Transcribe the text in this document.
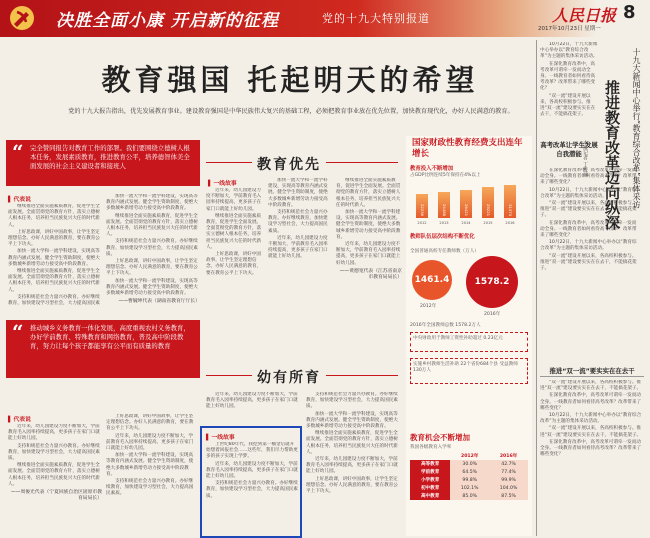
决胜全面小康 开启新的征程	党的十九大特别报道	人民日报 8
2017年10月23日 星期一
教育强国 托起明天的希望
党的十九大报告指出，优先发展教育事业。建设教育强国是中华民族伟大复兴的基础工程，必须把教育事业放在优先位置，加快教育现代化，办好人民满意的教育。
“ 完全赞同报告对教育工作的部署。我们要围绕立德树人根本任务，发展素质教育，推进教育公平，培养德智体美全面发展的社会主义建设者和接班人
▌ 代表说

继续推进全面实施素质教育，促进学生全面发展。全面贯彻党的教育方针，落实立德树人根本任务，培养担当民族复兴大任的时代新人。

上好思政课，讲好中国故事，让学生坚定理想信念。办好人民满意的教育，要在教育公平上下功夫。

加快一流大学和一流学科建设，实现高等教育内涵式发展。健全学生资助制度，使绝大多数城乡新增劳动力接受高中阶段教育。

继续推进全面实施素质教育，促进学生全面发展。全面贯彻党的教育方针，落实立德树人根本任务，培养担当民族复兴大任的时代新人。

支持和规范社会力量兴办教育。办好继续教育，加快建设学习型社会，大力提高国民素

加快一流大学和一流学科建设，实现高等教育内涵式发展。健全学生资助制度，使绝大多数城乡新增劳动力接受高中阶段教育。

继续推进全面实施素质教育，促进学生全面发展。全面贯彻党的教育方针，落实立德树人根本任务，培养担当民族复兴大任的时代新人。

支持和规范社会力量兴办教育。办好继续教育，加快建设学习型社会，大力提高国民素质。

上好思政课，讲好中国故事，让学生坚定理想信念。办好人民满意的教育，要在教育公平上下功夫。

加快一流大学和一流学科建设，实现高等教育内涵式发展。健全学生资助制度，使绝大多数城乡新增劳动力接受高中阶段教育。

——曹毓坤代表（湖南省教育厅厅长）
教育优先
▌ 一线故事

近年来，幼儿园建设力度不断加大，学前教育毛入园率持续提高，更多孩子在家门口就能上好幼儿园。

继续推进全面实施素质教育，促进学生全面发展。全面贯彻党的教育方针，落实立德树人根本任务，培养担当民族复兴大任的时代新人。

上好思政课，讲好中国故事，让学生坚定理想信念。办好人民满意的教育，要在教育公平上下功夫。

加快一流大学和一流学科建设，实现高等教育内涵式发展。健全学生资助制度，使绝大多数城乡新增劳动力接受高中阶段教育。

支持和规范社会力量兴办教育。办好继续教育，加快建设学习型社会，大力提高国民素质。

近年来，幼儿园建设力度不断加大，学前教育毛入园率持续提高，更多孩子在家门口就能上好幼儿园。

继续推进全面实施素质教育，促进学生全面发展。全面贯彻党的教育方针，落实立德树人根本任务，培养担当民族复兴大任的时代新人。

加快一流大学和一流学科建设，实现高等教育内涵式发展。健全学生资助制度，使绝大多数城乡新增劳动力接受高中阶段教育。

近年来，幼儿园建设力度不断加大，学前教育毛入园率持续提高，更多孩子在家门口就能上好幼儿园。

——黄德宽代表（江苏省南京市教育局局长）
“ 推动城乡义务教育一体化发展，高度重视农村义务教育，办好学前教育、特殊教育和网络教育，普及高中阶段教育，努力让每个孩子都能享有公平而有质量的教育
▌ 代表说

近年来，幼儿园建设力度不断加大，学前教育毛入园率持续提高，更多孩子在家门口就能上好幼儿园。

支持和规范社会力量兴办教育。办好继续教育，加快建设学习型社会，大力提高国民素质。

继续推进全面实施素质教育，促进学生全面发展。全面贯彻党的教育方针，落实立德树人根本任务，培养担当民族复兴大任的时代新人。

——周俊光代表（宁夏回族自治区固原市教育局局长）

上好思政课，讲好中国故事，让学生坚定理想信念。办好人民满意的教育，要在教育公平上下功夫。

近年来，幼儿园建设力度不断加大，学前教育毛入园率持续提高，更多孩子在家门口就能上好幼儿园。

加快一流大学和一流学科建设，实现高等教育内涵式发展。健全学生资助制度，使绝大多数城乡新增劳动力接受高中阶段教育。

支持和规范社会力量兴办教育。办好继续教育，加快建设学习型社会，大力提高国民素质。

幼有所育

近年来，幼儿园建设力度不断加大，学前教育毛入园率持续提高，更多孩子在家门口就能上好幼儿园。

▌ 一线故事

上世纪80年代，我挖到第一桶金后就开始想着回报社会……这些年，我们尽力帮助更多的孩子实现上学梦。

近年来，幼儿园建设力度不断加大，学前教育毛入园率持续提高，更多孩子在家门口就能上好幼儿园。

支持和规范社会力量兴办教育。办好继续教育，加快建设学习型社会，大力提高国民素质。

支持和规范社会力量兴办教育。办好继续教育，加快建设学习型社会，大力提高国民素质。

加快一流大学和一流学科建设，实现高等教育内涵式发展。健全学生资助制度，使绝大多数城乡新增劳动力接受高中阶段教育。

继续推进全面实施素质教育，促进学生全面发展。全面贯彻党的教育方针，落实立德树人根本任务，培养担当民族复兴大任的时代新人。

近年来，幼儿园建设力度不断加大，学前教育毛入园率持续提高，更多孩子在家门口就能上好幼儿园。

上好思政课，讲好中国故事，让学生坚定理想信念。办好人民满意的教育，要在教育公平上下功夫。

国家财政性教育经费支出连年增长
教育投入不断增加
占GDP比例连续5年保持在4%以上
22236
2012
24488
2013
26421
2014
29221
2015
31373
2016
教师队伍层次结构不断优化
全国普通高校专任教师数（万人）
1461.4	1578.2
2012年
2016年
2016年全国教师总数 1578.2万人
中央财政用于教师工资性补助超过 0.23亿元
实施乡村教师生活补助 22个省份684个县 受益教师 130万人
教育机会不断增加
我国各级教育入学率
	2012年	2016年
高等教育	30.0%	42.7%
学前教育	64.5%	77.4%
小学教育	99.8%	99.9%
初中教育	102.1%	104.0%
高中教育	85.0%	87.5%

10月22日，十九大新闻中心举办以“教育综合改革”为主题的集体采访活动。

在深化教育改革中，高考改革可谓牵一发而动全身。一线教育者如何看待高考改革？改革带来了哪些变化？

“双一流”建设开展以来，各高校积极参与。推进“双一流”建设要实实在在去干，不能搞花架子。	十九大新闻中心举行“教育综合改革”集体采访
推进教育改革迈向纵深
本报记者 丁雅诵
高考改革让学生发展自我潜能

在深化教育改革中，高考改革可谓牵一发而动全身。一线教育者如何看待高考改革？改革带来了哪些变化？

10月22日，十九大新闻中心举办以“教育综合改革”为主题的集体采访活动。

“双一流”建设开展以来，各高校积极参与。推进“双一流”建设要实实在在去干，不能搞花架子。

在深化教育改革中，高考改革可谓牵一发而动全身。一线教育者如何看待高考改革？改革带来了哪些变化？

10月22日，十九大新闻中心举办以“教育综合改革”为主题的集体采访活动。

“双一流”建设开展以来，各高校积极参与。推进“双一流”建设要实实在在去干，不能搞花架子。

推进“双一流”要实实在在去干

“双一流”建设开展以来，各高校积极参与。推进“双一流”建设要实实在在去干，不能搞花架子。

在深化教育改革中，高考改革可谓牵一发而动全身。一线教育者如何看待高考改革？改革带来了哪些变化？

10月22日，十九大新闻中心举办以“教育综合改革”为主题的集体采访活动。

“双一流”建设开展以来，各高校积极参与。推进“双一流”建设要实实在在去干，不能搞花架子。

在深化教育改革中，高考改革可谓牵一发而动全身。一线教育者如何看待高考改革？改革带来了哪些变化？
